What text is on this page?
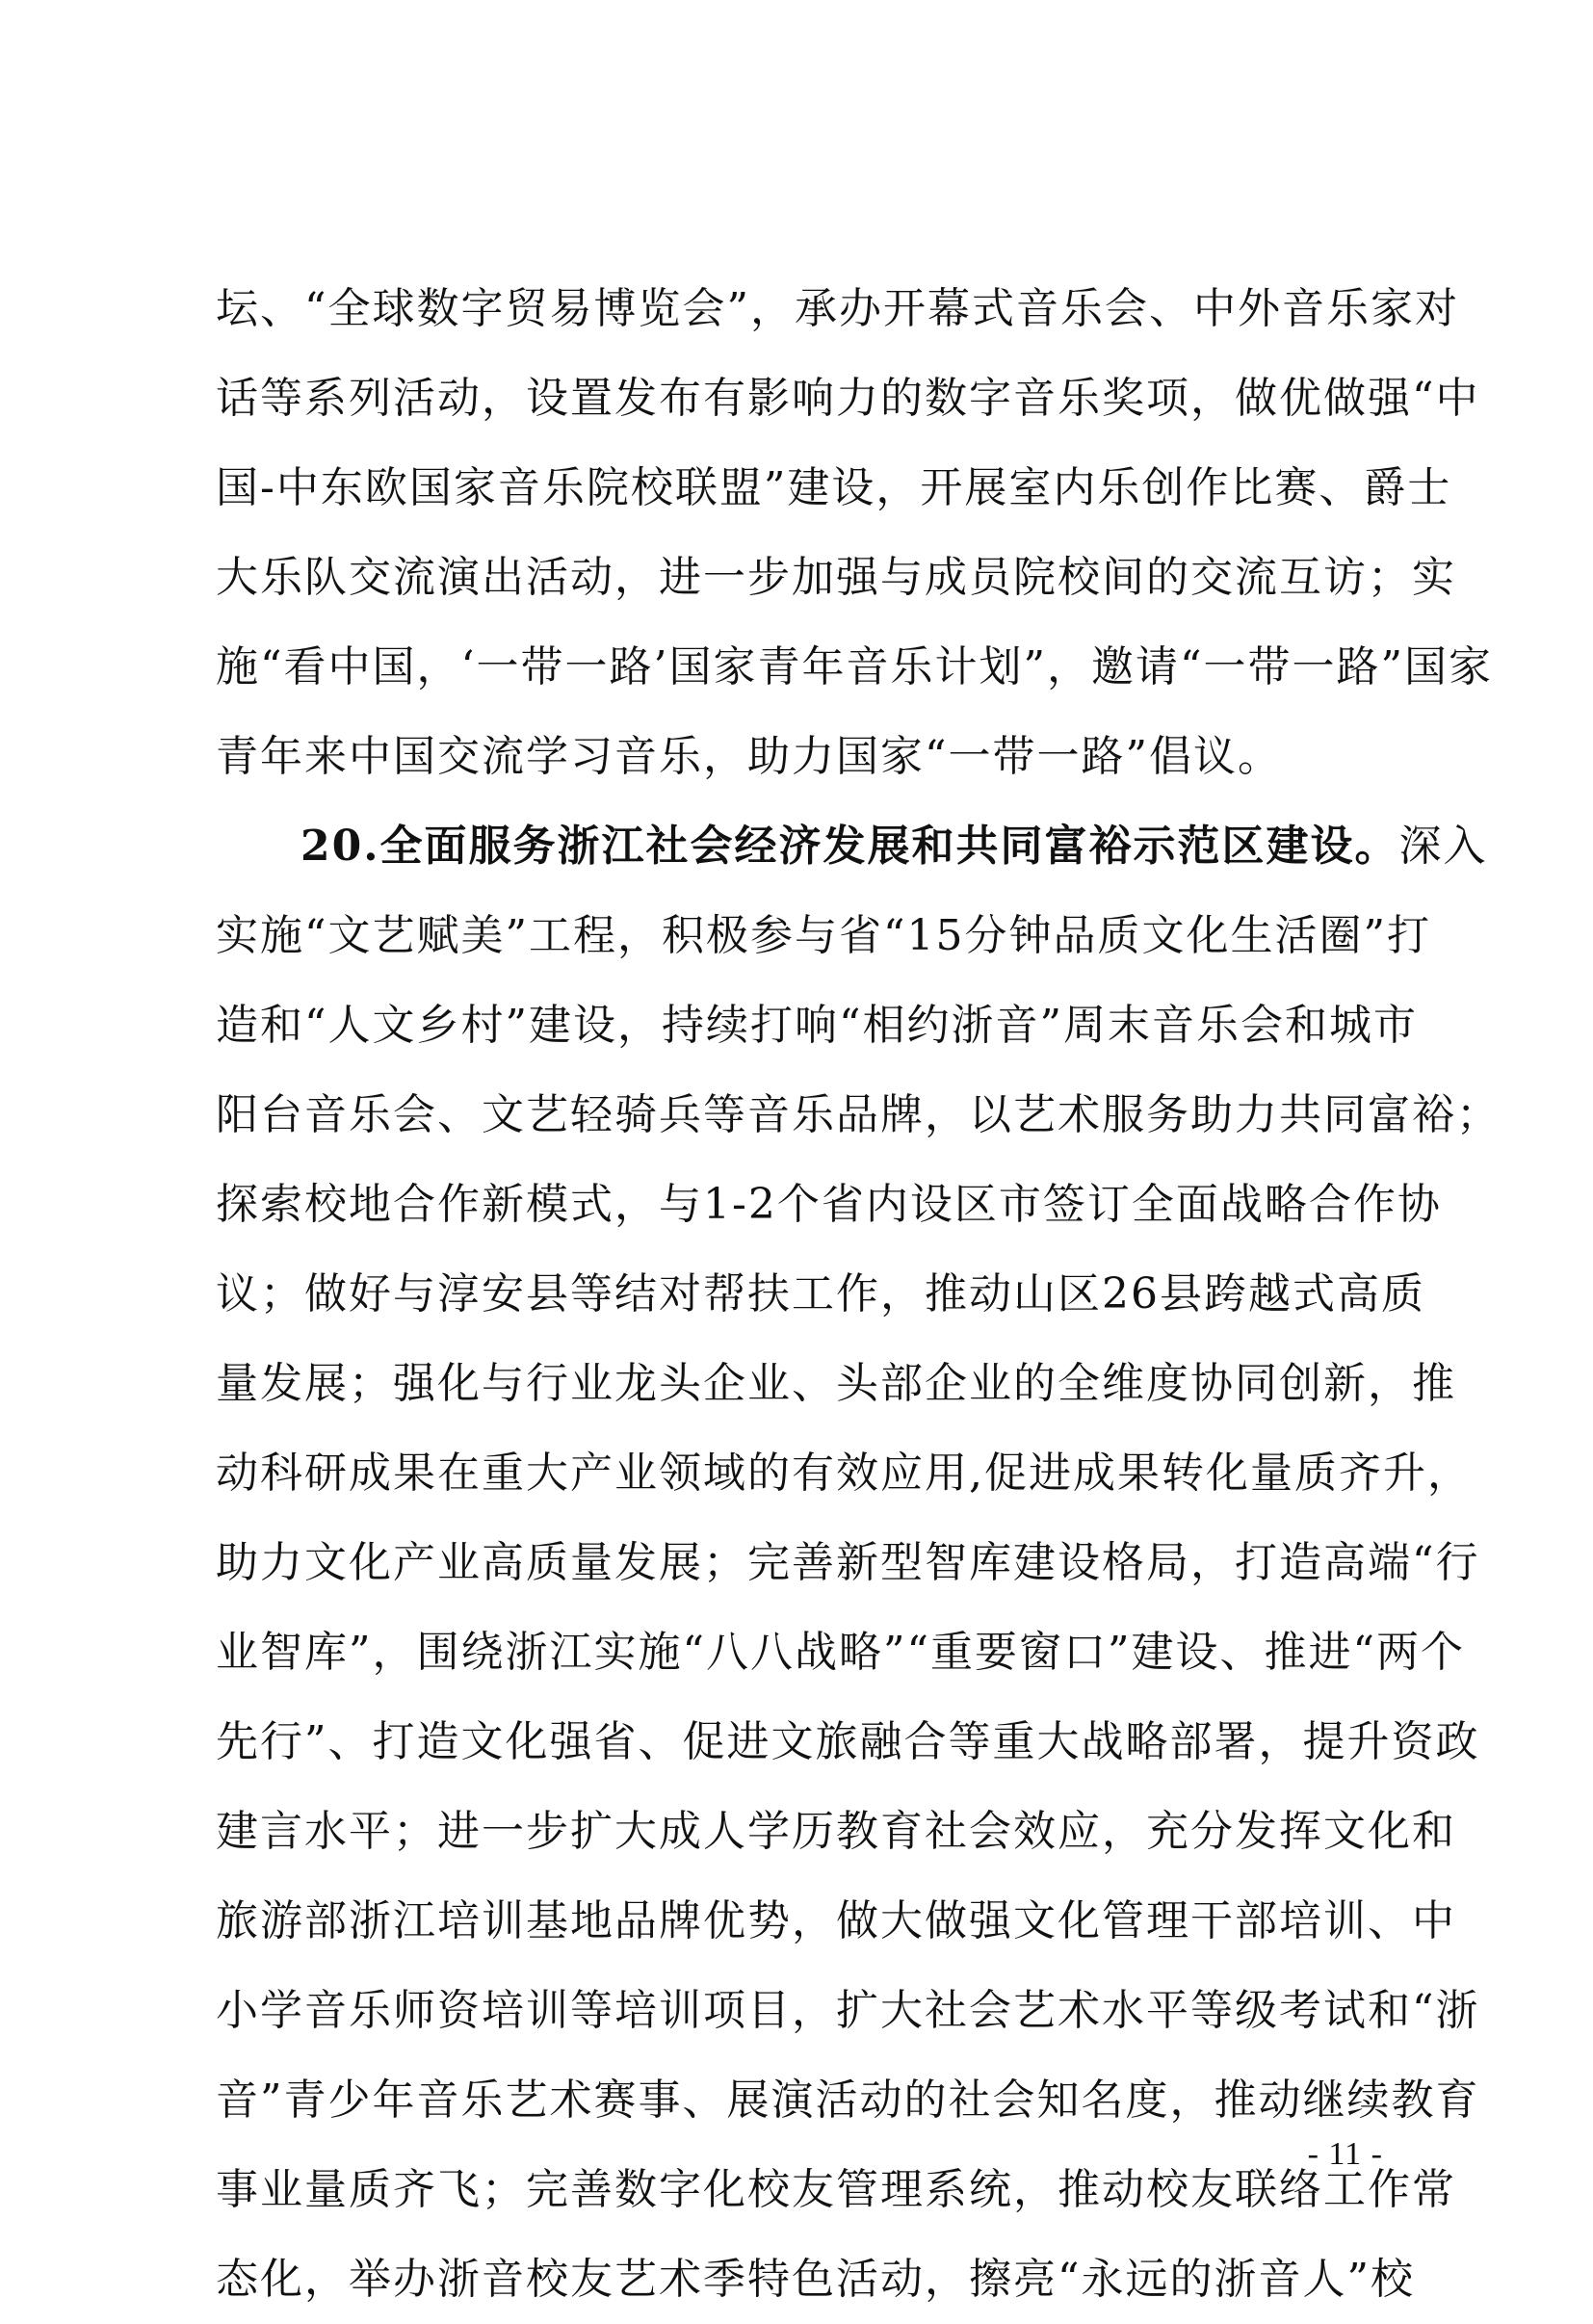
坛、“全球数字贸易博览会”，承办开幕式音乐会、中外音乐家对
话等系列活动，设置发布有影响力的数字音乐奖项，做优做强“中
国-中东欧国家音乐院校联盟”建设，开展室内乐创作比赛、爵士
大乐队交流演出活动，进一步加强与成员院校间的交流互访；实
施“看中国，‘一带一路’国家青年音乐计划”，邀请“一带一路”国家
青年来中国交流学习音乐，助力国家“一带一路”倡议。
20.全面服务浙江社会经济发展和共同富裕示范区建设。深入
实施“文艺赋美”工程，积极参与省“15分钟品质文化生活圈”打
造和“人文乡村”建设，持续打响“相约浙音”周末音乐会和城市
阳台音乐会、文艺轻骑兵等音乐品牌，以艺术服务助力共同富裕；
探索校地合作新模式，与1-2个省内设区市签订全面战略合作协
议；做好与淳安县等结对帮扶工作，推动山区26县跨越式高质
量发展；强化与行业龙头企业、头部企业的全维度协同创新，推
动科研成果在重大产业领域的有效应用,促进成果转化量质齐升，
助力文化产业高质量发展；完善新型智库建设格局，打造高端“行
业智库”，围绕浙江实施“八八战略”“重要窗口”建设、推进“两个
先行”、打造文化强省、促进文旅融合等重大战略部署，提升资政
建言水平；进一步扩大成人学历教育社会效应，充分发挥文化和
旅游部浙江培训基地品牌优势，做大做强文化管理干部培训、中
小学音乐师资培训等培训项目，扩大社会艺术水平等级考试和“浙
音”青少年音乐艺术赛事、展演活动的社会知名度，推动继续教育
事业量质齐飞；完善数字化校友管理系统，推动校友联络工作常
态化，举办浙音校友艺术季特色活动，擦亮“永远的浙音人”校
- 11 -
